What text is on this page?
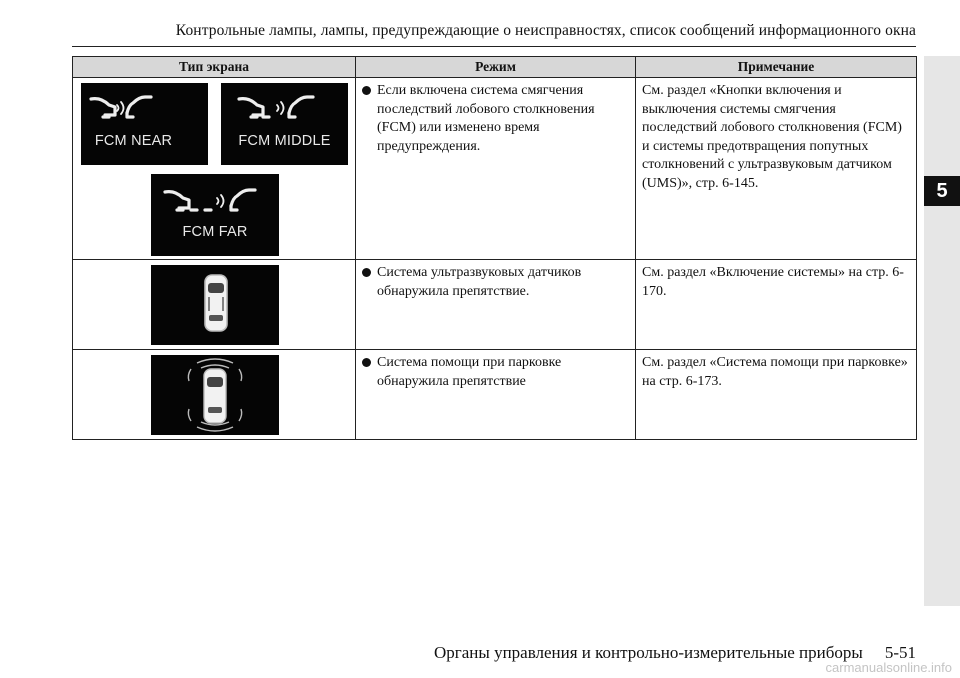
Контрольные лампы, лампы, предупреждающие о неисправностях, список сообщений информационного окна
5
Тип экрана	Режим	Примечание

FCM NEAR FCM MIDDLE
FCM FAR	Если включена система смягчения последствий лобового столкновения (FCM) или изменено время предупреждения.	См. раздел «Кнопки включения и выключения системы смягчения последствий лобового столкновения (FCM) и системы предотвращения попутных столкновений с ультразвуковым датчиком (UMS)», стр. 6-145.

Система ультразвуковых датчиков обнаружила препятствие.	См. раздел «Включение системы» на стр. 6-170.

Система помощи при парковке обнаружила препятствие	См. раздел «Система помощи при парковке» на стр. 6-173.
Органы управления и контрольно-измерительные приборы 5-51
carmanualsonline.info
